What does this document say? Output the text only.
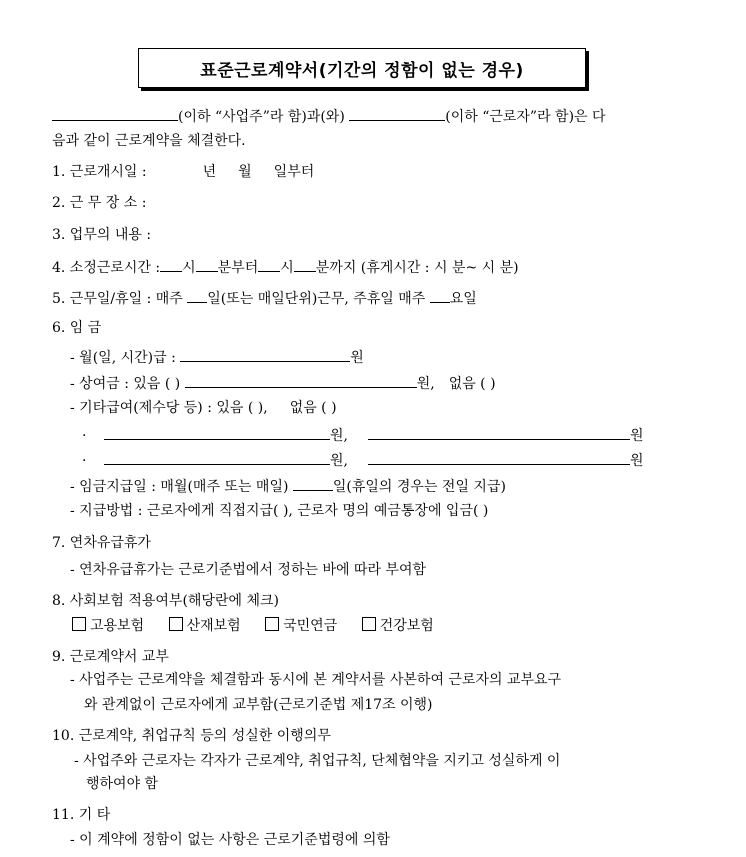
표준근로계약서(기간의 정함이 없는 경우)
(이하 “사업주”라 함)과(와)	(이하 “근로자”라 함)은 다
음과 같이 근로계약을 체결한다.
1. 근로개시일 :	년 월 일부터
2. 근 무 장 소 :
3. 업무의 내용 :
4. 소정근로시간 : 시 분부터 시 분까지 (휴게시간 : 시 분~ 시 분)
5. 근무일/휴일 : 매주 일(또는 매일단위)근무, 주휴일 매주 요일
6. 임 금
- 월(일, 시간)급 :	원
- 상여금 : 있음 ( )	원, 없음 ( )
- 기타급여(제수당 등) : 있음 ( ), 없음 ( )
·	원,	원
·	원,	원
- 임금지급일 : 매월(매주 또는 매일)	일(휴일의 경우는 전일 지급)
- 지급방법 : 근로자에게 직접지급( ), 근로자 명의 예금통장에 입금( )
7. 연차유급휴가
- 연차유급휴가는 근로기준법에서 정하는 바에 따라 부여함
8. 사회보험 적용여부(해당란에 체크)
고용보험	산재보험	국민연금	건강보험
9. 근로계약서 교부
- 사업주는 근로계약을 체결함과 동시에 본 계약서를 사본하여 근로자의 교부요구
와 관계없이 근로자에게 교부함(근로기준법 제17조 이행)
10. 근로계약, 취업규칙 등의 성실한 이행의무
- 사업주와 근로자는 각자가 근로계약, 취업규칙, 단체협약을 지키고 성실하게 이
행하여야 함
11. 기 타
- 이 계약에 정함이 없는 사항은 근로기준법령에 의함
